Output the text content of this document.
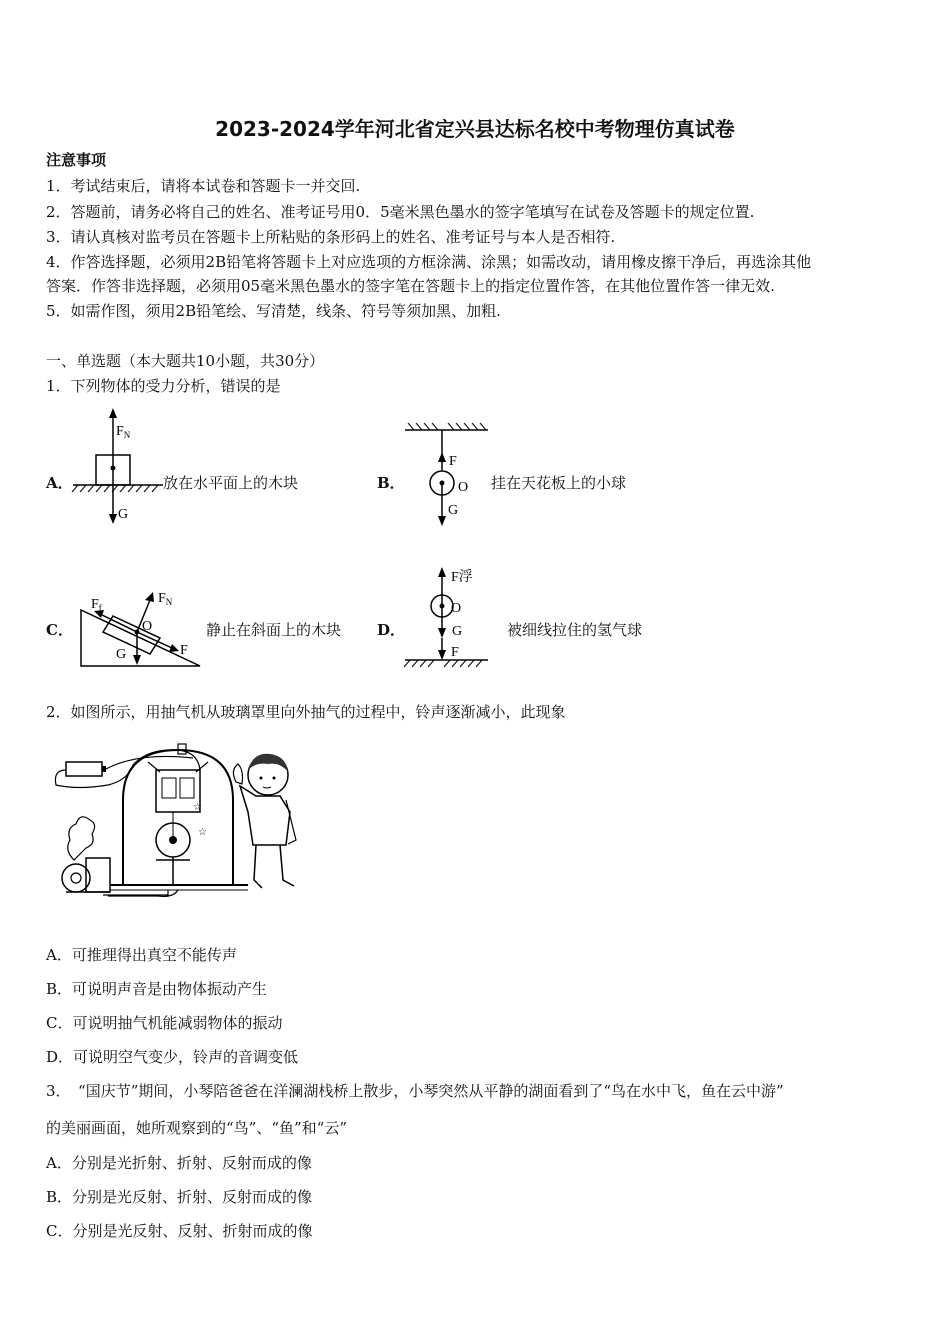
2023-2024学年河北省定兴县达标名校中考物理仿真试卷
注意事项
1．考试结束后，请将本试卷和答题卡一并交回.
2．答题前，请务必将自己的姓名、准考证号用0．5毫米黑色墨水的签字笔填写在试卷及答题卡的规定位置.
3．请认真核对监考员在答题卡上所粘贴的条形码上的姓名、准考证号与本人是否相符.
4．作答选择题，必须用2B铅笔将答题卡上对应选项的方框涂满、涂黑；如需改动，请用橡皮擦干净后，再选涂其他
答案．作答非选择题，必须用05毫米黑色墨水的签字笔在答题卡上的指定位置作答，在其他位置作答一律无效.
5．如需作图，须用2B铅笔绘、写清楚，线条、符号等须加黑、加粗.
一、单选题（本大题共10小题，共30分）
1．下列物体的受力分析，错误的是
A．
$F_N$
G
放在水平面上的木块	B．
F
O
G
挂在天花板上的小球
C．
$F_f$
$F_N$
O
G	F
静止在斜面上的木块 D．
F浮
O
G
F
被细线拉住的氢气球
2．如图所示，用抽气机从玻璃罩里向外抽气的过程中，铃声逐渐减小，此现象
☆
☆
A．可推理得出真空不能传声
B．可说明声音是由物体振动产生
C．可说明抽气机能减弱物体的振动
D．可说明空气变少，铃声的音调变低
3．　“国庆节”期间，小琴陪爸爸在洋澜湖栈桥上散步，小琴突然从平静的湖面看到了“鸟在水中飞，鱼在云中游”
的美丽画面，她所观察到的“鸟”、“鱼”和“云”
A．分别是光折射、折射、反射而成的像
B．分别是光反射、折射、反射而成的像
C．分别是光反射、反射、折射而成的像
